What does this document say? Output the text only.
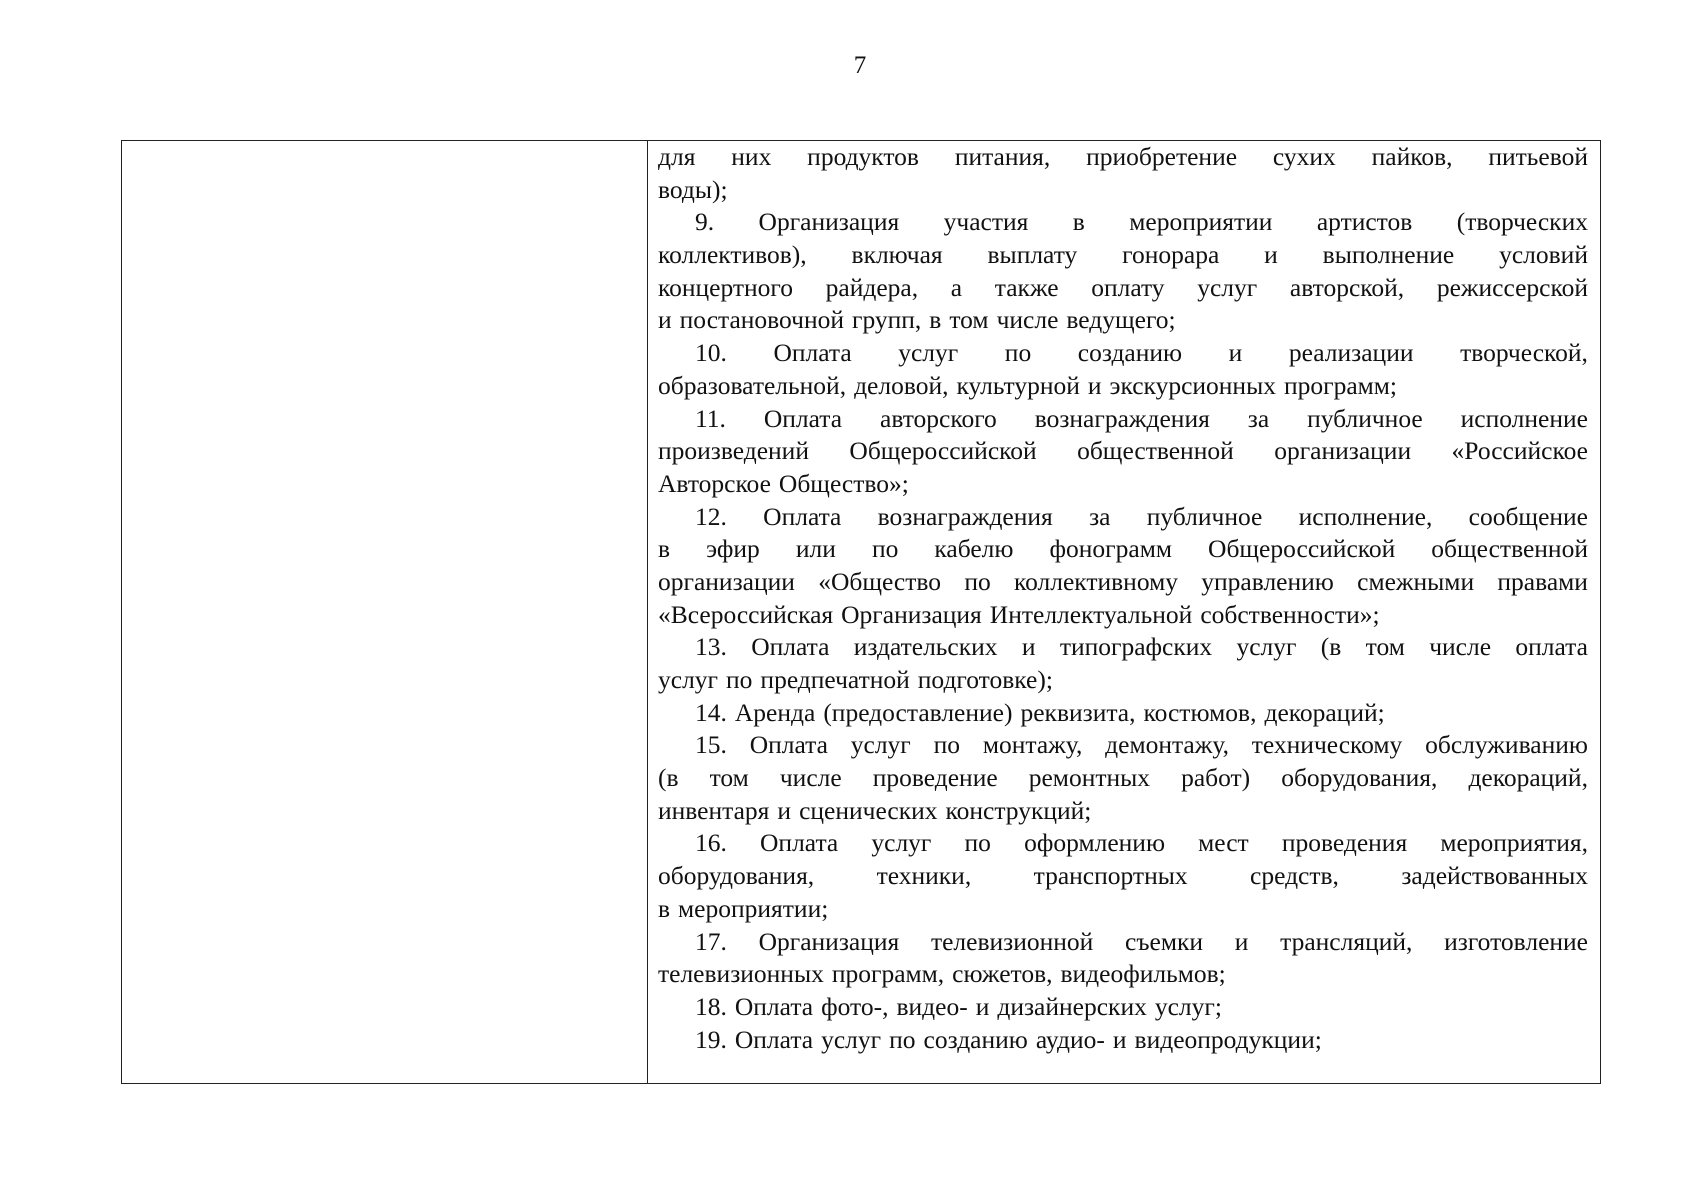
7
для них продуктов питания, приобретение сухих пайков, питьевой
воды);
9. Организация участия в мероприятии артистов (творческих
коллективов), включая выплату гонорара и выполнение условий
концертного райдера, а также оплату услуг авторской, режиссерской
и постановочной групп, в том числе ведущего;
10. Оплата услуг по созданию и реализации творческой,
образовательной, деловой, культурной и экскурсионных программ;
11. Оплата авторского вознаграждения за публичное исполнение
произведений Общероссийской общественной организации «Российское
Авторское Общество»;
12. Оплата вознаграждения за публичное исполнение, сообщение
в эфир или по кабелю фонограмм Общероссийской общественной
организации «Общество по коллективному управлению смежными правами
«Всероссийская Организация Интеллектуальной собственности»;
13. Оплата издательских и типографских услуг (в том числе оплата
услуг по предпечатной подготовке);
14. Аренда (предоставление) реквизита, костюмов, декораций;
15. Оплата услуг по монтажу, демонтажу, техническому обслуживанию
(в том числе проведение ремонтных работ) оборудования, декораций,
инвентаря и сценических конструкций;
16. Оплата услуг по оформлению мест проведения мероприятия,
оборудования, техники, транспортных средств, задействованных
в мероприятии;
17. Организация телевизионной съемки и трансляций, изготовление
телевизионных программ, сюжетов, видеофильмов;
18. Оплата фото-, видео- и дизайнерских услуг;
19. Оплата услуг по созданию аудио- и видеопродукции;
